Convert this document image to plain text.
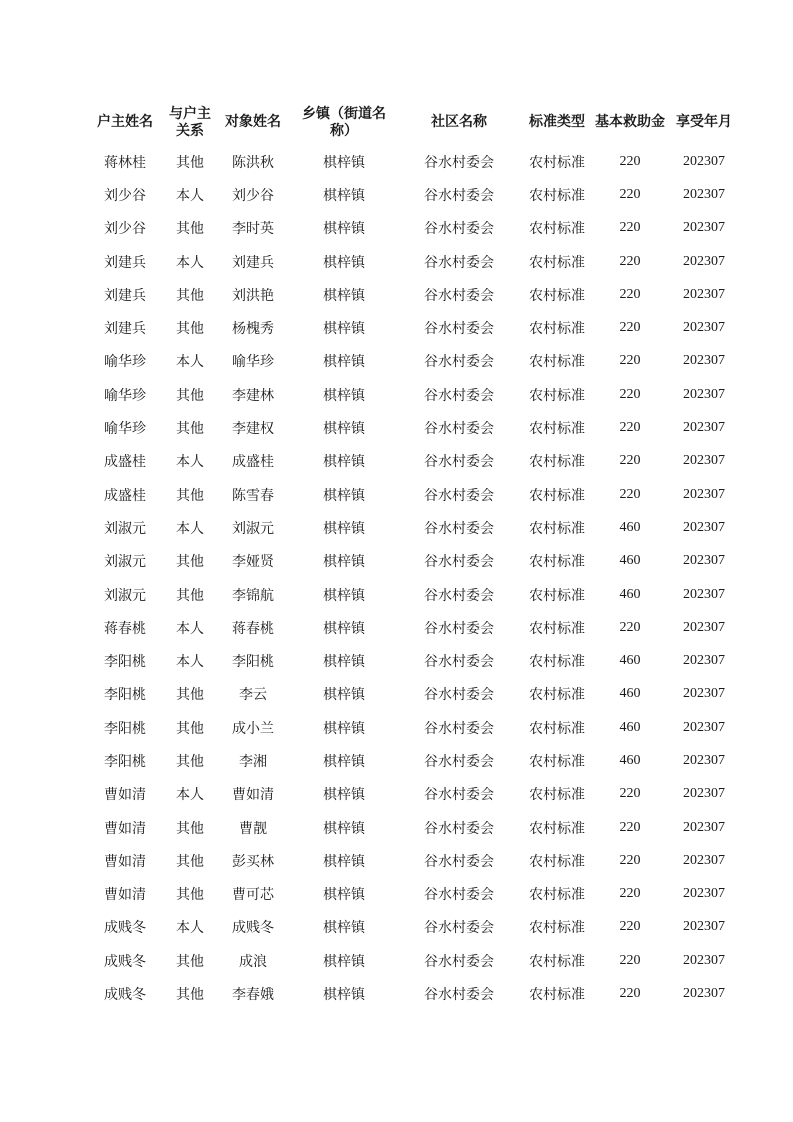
户主姓名	与户主关系	对象姓名	乡镇（街道名称）	社区名称	标准类型	基本救助金	享受年月
蒋林桂	其他	陈洪秋	棋梓镇	谷水村委会	农村标准	220	202307
刘少谷	本人	刘少谷	棋梓镇	谷水村委会	农村标准	220	202307
刘少谷	其他	李时英	棋梓镇	谷水村委会	农村标准	220	202307
刘建兵	本人	刘建兵	棋梓镇	谷水村委会	农村标准	220	202307
刘建兵	其他	刘洪艳	棋梓镇	谷水村委会	农村标准	220	202307
刘建兵	其他	杨槐秀	棋梓镇	谷水村委会	农村标准	220	202307
喻华珍	本人	喻华珍	棋梓镇	谷水村委会	农村标准	220	202307
喻华珍	其他	李建林	棋梓镇	谷水村委会	农村标准	220	202307
喻华珍	其他	李建权	棋梓镇	谷水村委会	农村标准	220	202307
成盛桂	本人	成盛桂	棋梓镇	谷水村委会	农村标准	220	202307
成盛桂	其他	陈雪春	棋梓镇	谷水村委会	农村标准	220	202307
刘淑元	本人	刘淑元	棋梓镇	谷水村委会	农村标准	460	202307
刘淑元	其他	李娅贤	棋梓镇	谷水村委会	农村标准	460	202307
刘淑元	其他	李锦航	棋梓镇	谷水村委会	农村标准	460	202307
蒋春桃	本人	蒋春桃	棋梓镇	谷水村委会	农村标准	220	202307
李阳桃	本人	李阳桃	棋梓镇	谷水村委会	农村标准	460	202307
李阳桃	其他	李云	棋梓镇	谷水村委会	农村标准	460	202307
李阳桃	其他	成小兰	棋梓镇	谷水村委会	农村标准	460	202307
李阳桃	其他	李湘	棋梓镇	谷水村委会	农村标准	460	202307
曹如清	本人	曹如清	棋梓镇	谷水村委会	农村标准	220	202307
曹如清	其他	曹靓	棋梓镇	谷水村委会	农村标准	220	202307
曹如清	其他	彭买林	棋梓镇	谷水村委会	农村标准	220	202307
曹如清	其他	曹可芯	棋梓镇	谷水村委会	农村标准	220	202307
成贱冬	本人	成贱冬	棋梓镇	谷水村委会	农村标准	220	202307
成贱冬	其他	成浪	棋梓镇	谷水村委会	农村标准	220	202307
成贱冬	其他	李春娥	棋梓镇	谷水村委会	农村标准	220	202307
